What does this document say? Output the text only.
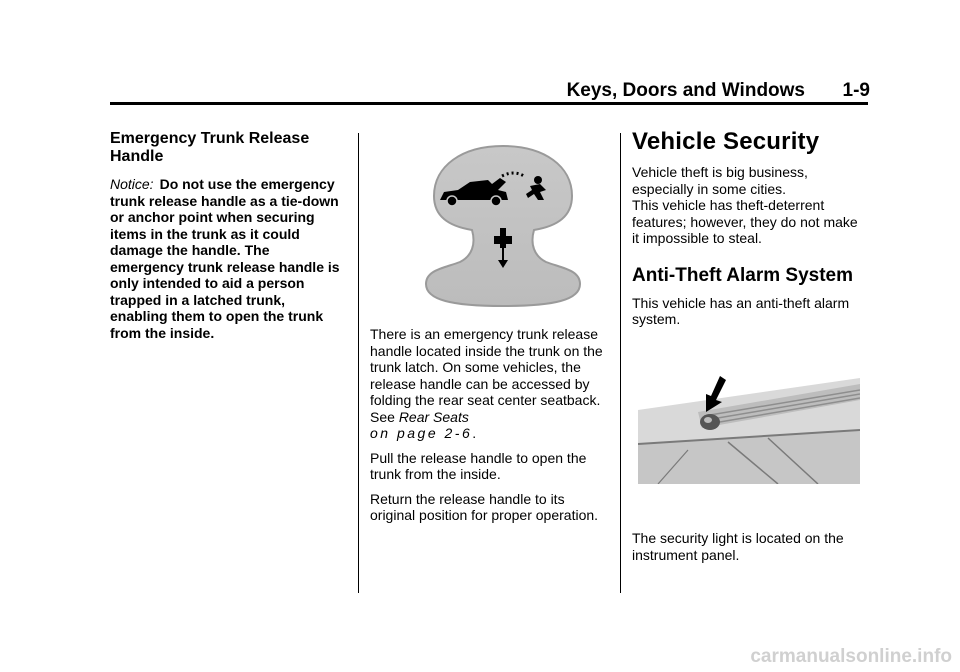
Keys, Doors and Windows 1-9
Emergency Trunk Release Handle

Notice: Do not use the emergency trunk release handle as a tie-down or anchor point when securing items in the trunk as it could damage the handle. The emergency trunk release handle is only intended to aid a person trapped in a latched trunk, enabling them to open the trunk from the inside.	There is an emergency trunk release handle located inside the trunk on the trunk latch. On some vehicles, the release handle can be accessed by folding the rear seat center seatback. See Rear Seats
on page 2-6.

Pull the release handle to open the trunk from the inside.

Return the release handle to its original position for proper operation.

Vehicle Security

Vehicle theft is big business, especially in some cities.

This vehicle has theft-deterrent features; however, they do not make it impossible to steal.

Anti-Theft Alarm System

This vehicle has an anti-theft alarm system.

The security light is located on the instrument panel.

carmanualsonline.info
